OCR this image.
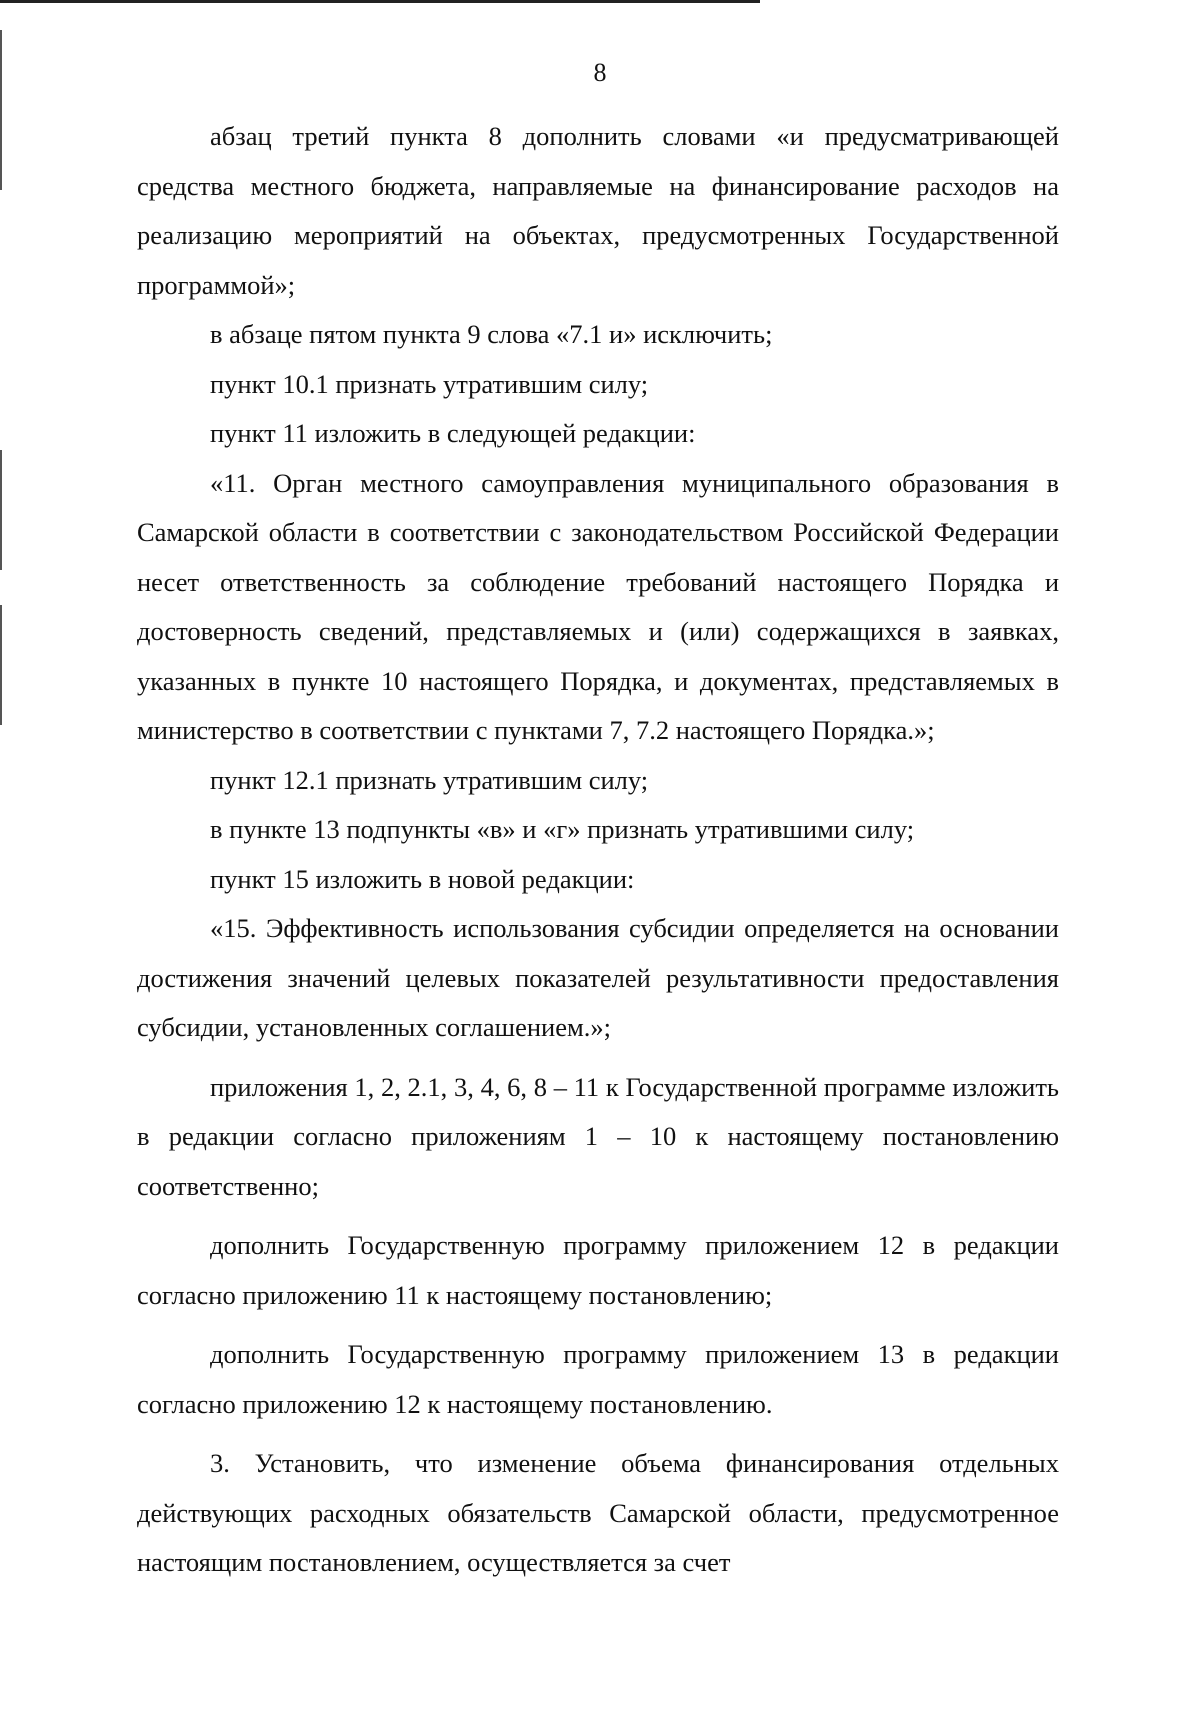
8

абзац третий пункта 8 дополнить словами «и предусматривающей средства местного бюджета, направляемые на финансирование расходов на реализацию мероприятий на объектах, предусмотренных Государственной программой»;

в абзаце пятом пункта 9 слова «7.1 и» исключить;

пункт 10.1 признать утратившим силу;

пункт 11 изложить в следующей редакции:

«11. Орган местного самоуправления муниципального образования в Самарской области в соответствии с законодательством Российской Федерации несет ответственность за соблюдение требований настоящего Порядка и достоверность сведений, представляемых и (или) содержащихся в заявках, указанных в пункте 10 настоящего Порядка, и документах, представляемых в министерство в соответствии с пунктами 7, 7.2 настоящего Порядка.»;

пункт 12.1 признать утратившим силу;

в пункте 13 подпункты «в» и «г» признать утратившими силу;

пункт 15 изложить в новой редакции:

«15. Эффективность использования субсидии определяется на основании достижения значений целевых показателей результативности предоставления субсидии, установленных соглашением.»;

приложения 1, 2, 2.1, 3, 4, 6, 8 – 11 к Государственной программе изложить в редакции согласно приложениям 1 – 10 к настоящему постановлению соответственно;

дополнить Государственную программу приложением 12 в редакции согласно приложению 11 к настоящему постановлению;

дополнить Государственную программу приложением 13 в редакции согласно приложению 12 к настоящему постановлению.

3. Установить, что изменение объема финансирования отдельных действующих расходных обязательств Самарской области, предусмотренное настоящим постановлением, осуществляется за счет
